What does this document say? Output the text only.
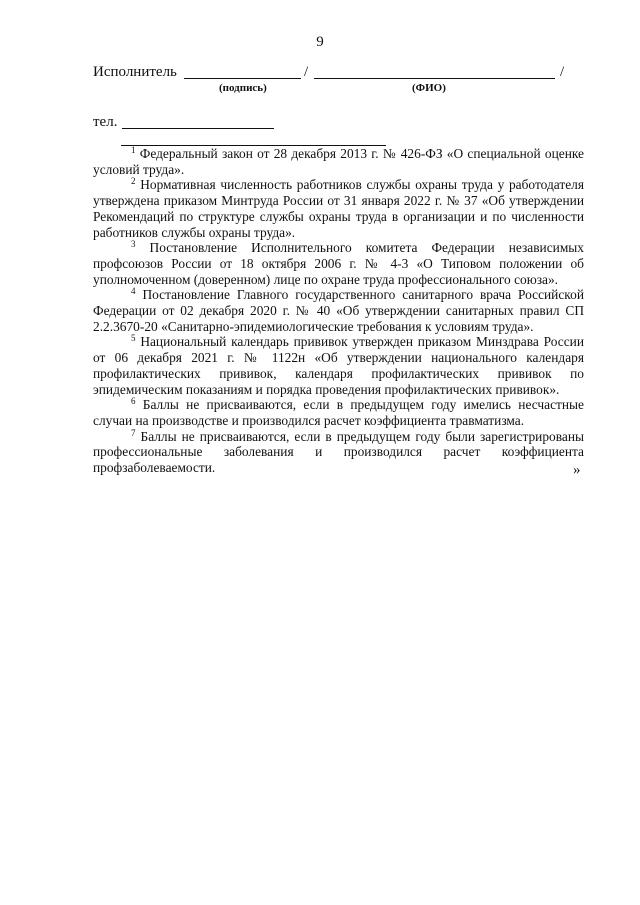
9
Исполнитель	/	/
(подпись)	(ФИО)
тел.

$^1$ Федеральный закон от 28 декабря 2013 г. № 426-ФЗ «О специальной оценке условий труда».

$^2$ Нормативная численность работников службы охраны труда у работодателя утверждена приказом Минтруда России от 31 января 2022 г. № 37 «Об утверждении Рекомендаций по структуре службы охраны труда в организации и по численности работников службы охраны труда».

$^3$ Постановление Исполнительного комитета Федерации независимых профсоюзов России от 18 октября 2006 г. № 4-3 «О Типовом положении об уполномоченном (доверенном) лице по охране труда профессионального союза».

$^4$ Постановление Главного государственного санитарного врача Российской Федерации от 02 декабря 2020 г. № 40 «Об утверждении санитарных правил СП 2.2.3670-20 «Санитарно-эпидемиологические требования к условиям труда».

$^5$ Национальный календарь прививок утвержден приказом Минздрава России от 06 декабря 2021 г. № 1122н «Об утверждении национального календаря профилактических прививок, календаря профилактических прививок по эпидемическим показаниям и порядка проведения профилактических прививок».

$^6$ Баллы не присваиваются, если в предыдущем году имелись несчастные случаи на производстве и производился расчет коэффициента травматизма.

$^7$ Баллы не присваиваются, если в предыдущем году были зарегистрированы профессиональные заболевания и производился расчет коэффициента профзаболеваемости.	»
